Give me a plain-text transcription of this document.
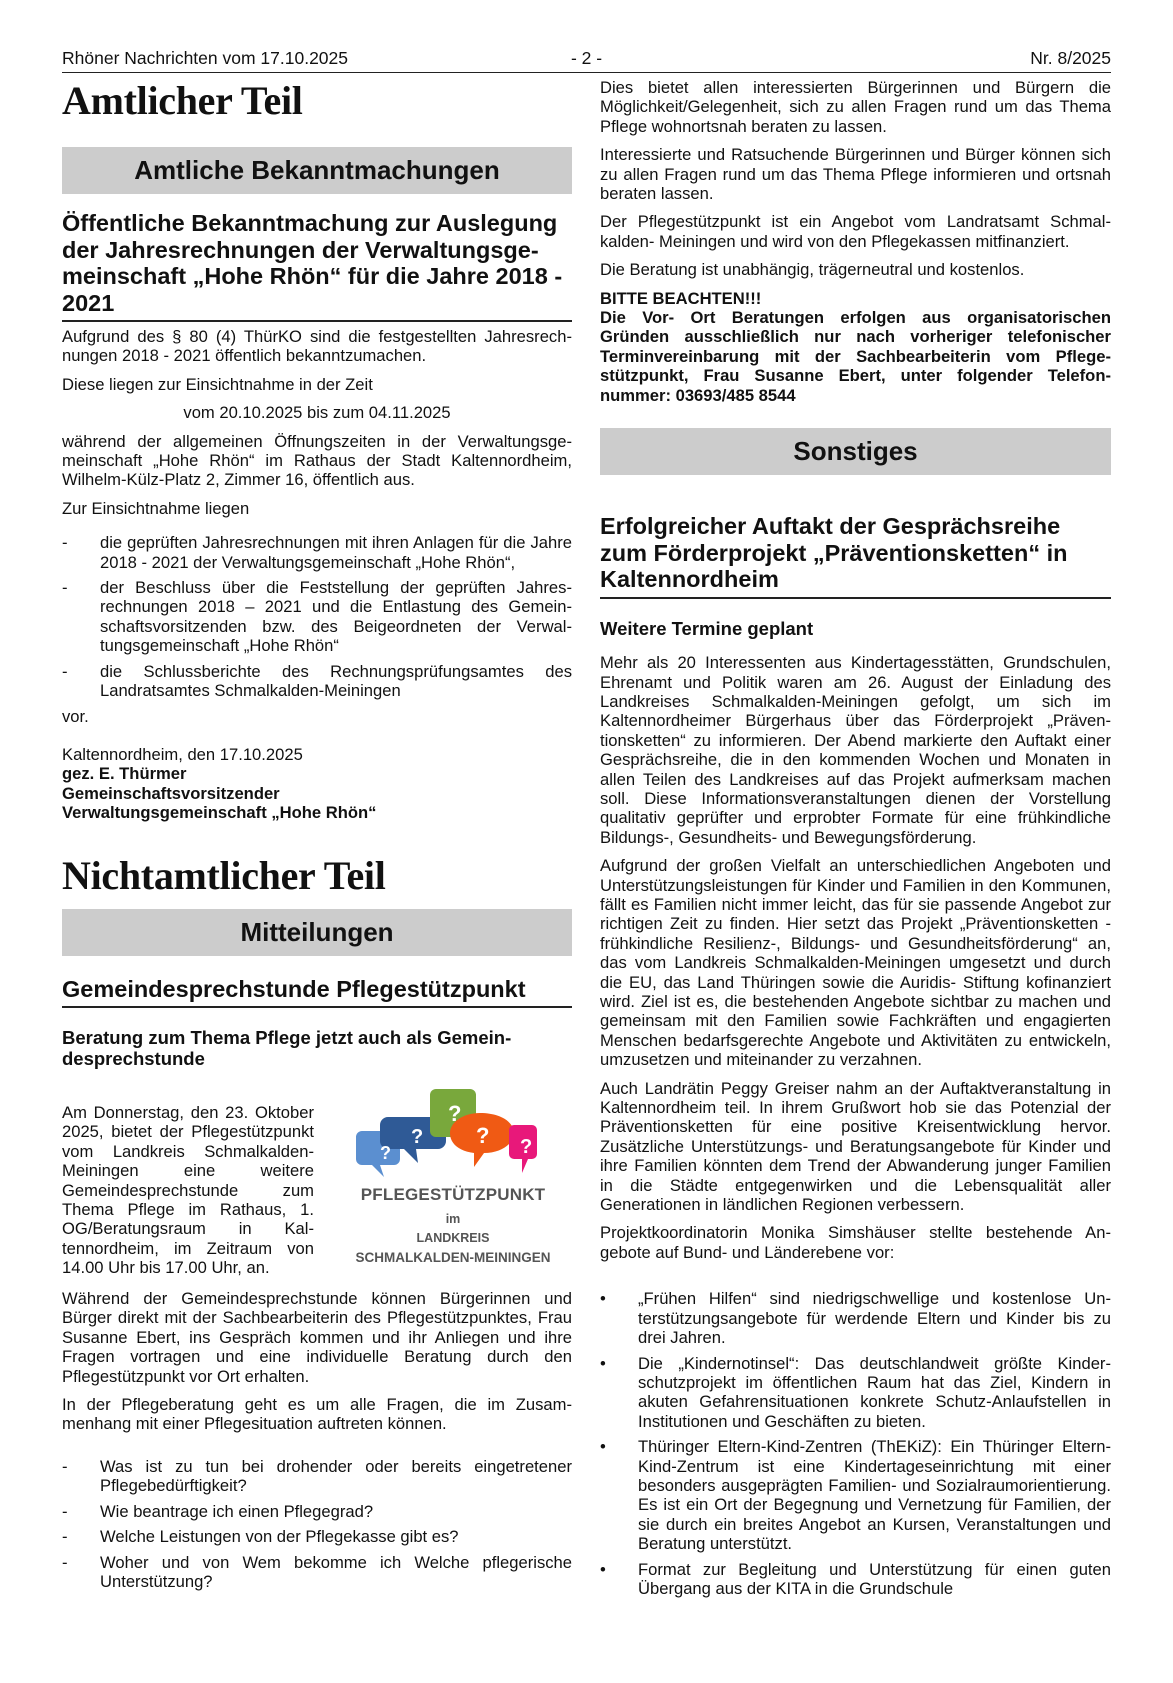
Rhöner Nachrichten vom 17.10.2025	- 2 -	Nr. 8/2025
Amtlicher Teil
Amtliche Bekanntmachungen
Öffentliche Bekanntmachung zur Auslegung der Jahresrechnungen der Verwaltungsgemeinschaft „Hohe Rhön“ für die Jahre 2018 - 2021

Aufgrund des § 80 (4) ThürKO sind die festgestellten Jahresrechnungen 2018 - 2021 öffentlich bekanntzumachen.

Diese liegen zur Einsichtnahme in der Zeit

vom 20.10.2025 bis zum 04.11.2025

während der allgemeinen Öffnungszeiten in der Verwaltungsgemeinschaft „Hohe Rhön“ im Rathaus der Stadt Kaltennordheim, Wilhelm-Külz-Platz 2, Zimmer 16, öffentlich aus.

Zur Einsichtnahme liegen

- die geprüften Jahresrechnungen mit ihren Anlagen für die Jahre 2018 - 2021 der Verwaltungsgemeinschaft „Hohe Rhön“,
- der Beschluss über die Feststellung der geprüften Jahresrechnungen 2018 – 2021 und die Entlastung des Gemeinschaftsvorsitzenden bzw. des Beigeordneten der Verwaltungsgemeinschaft „Hohe Rhön“
- die Schlussberichte des Rechnungsprüfungsamtes des Landratsamtes Schmalkalden-Meiningen

vor.

Kaltennordheim, den 17.10.2025
gez. E. Thürmer
Gemeinschaftsvorsitzender
Verwaltungsgemeinschaft „Hohe Rhön“
Nichtamtlicher Teil
Mitteilungen
Gemeindesprechstunde Pflegestützpunkt
Beratung zum Thema Pflege jetzt auch als Gemeindesprechstunde
Am Donnerstag, den 23. Oktober 2025, bietet der Pflegestützpunkt vom Landkreis Schmalkalden- Meiningen eine weitere Gemeindesprechstunde zum Thema Pflege im Rathaus, 1. OG/Beratungsraum in Kaltennordheim, im Zeitraum von 14.00 Uhr bis 17.00 Uhr, an.
?
?
?
? ?
PFLEGESTÜTZPUNKT
im
LANDKREIS
SCHMALKALDEN-MEININGEN

Während der Gemeindesprechstunde können Bürgerinnen und Bürger direkt mit der Sachbearbeiterin des Pflegestützpunktes, Frau Susanne Ebert, ins Gespräch kommen und ihr Anliegen und ihre Fragen vortragen und eine individuelle Beratung durch den Pflegestützpunkt vor Ort erhalten.

In der Pflegeberatung geht es um alle Fragen, die im Zusammenhang mit einer Pflegesituation auftreten können.

- Was ist zu tun bei drohender oder bereits eingetretener Pflegebedürftigkeit?
- Wie beantrage ich einen Pflegegrad?
- Welche Leistungen von der Pflegekasse gibt es?
- Woher und von Wem bekomme ich Welche pflegerische Unterstützung?

Dies bietet allen interessierten Bürgerinnen und Bürgern die Möglichkeit/Gelegenheit, sich zu allen Fragen rund um das Thema Pflege wohnortsnah beraten zu lassen.

Interessierte und Ratsuchende Bürgerinnen und Bürger können sich zu allen Fragen rund um das Thema Pflege informieren und ortsnah beraten lassen.

Der Pflegestützpunkt ist ein Angebot vom Landratsamt Schmalkalden- Meiningen und wird von den Pflegekassen mitfinanziert.

Die Beratung ist unabhängig, trägerneutral und kostenlos.

BITTE BEACHTEN!!!

Die Vor- Ort Beratungen erfolgen aus organisatorischen Gründen ausschließlich nur nach vorheriger telefonischer Terminvereinbarung mit der Sachbearbeiterin vom Pflegestützpunkt, Frau Susanne Ebert, unter folgender Telefonnummer: 03693/485 8544

Sonstiges
Erfolgreicher Auftakt der Gesprächsreihe zum Förderprojekt „Präventionsketten“ in Kaltennordheim
Weitere Termine geplant

Mehr als 20 Interessenten aus Kindertagesstätten, Grundschulen, Ehrenamt und Politik waren am 26. August der Einladung des Landkreises Schmalkalden-Meiningen gefolgt, um sich im Kaltennordheimer Bürgerhaus über das Förderprojekt „Präventionsketten“ zu informieren. Der Abend markierte den Auftakt einer Gesprächsreihe, die in den kommenden Wochen und Monaten in allen Teilen des Landkreises auf das Projekt aufmerksam machen soll. Diese Informationsveranstaltungen dienen der Vorstellung qualitativ geprüfter und erprobter Formate für eine frühkindliche Bildungs-, Gesundheits- und Bewegungsförderung.

Aufgrund der großen Vielfalt an unterschiedlichen Angeboten und Unterstützungsleistungen für Kinder und Familien in den Kommunen, fällt es Familien nicht immer leicht, das für sie passende Angebot zur richtigen Zeit zu finden. Hier setzt das Projekt „Präventionsketten - frühkindliche Resilienz-, Bildungs- und Gesundheitsförderung“ an, das vom Landkreis Schmalkalden-Meiningen umgesetzt und durch die EU, das Land Thüringen sowie die Auridis- Stiftung kofinanziert wird. Ziel ist es, die bestehenden Angebote sichtbar zu machen und gemeinsam mit den Familien sowie Fachkräften und engagierten Menschen bedarfsgerechte Angebote und Aktivitäten zu entwickeln, umzusetzen und miteinander zu verzahnen.

Auch Landrätin Peggy Greiser nahm an der Auftaktveranstaltung in Kaltennordheim teil. In ihrem Grußwort hob sie das Potenzial der Präventionsketten für eine positive Kreisentwicklung hervor. Zusätzliche Unterstützungs- und Beratungsangebote für Kinder und ihre Familien könnten dem Trend der Abwanderung junger Familien in die Städte entgegenwirken und die Lebensqualität aller Generationen in ländlichen Regionen verbessern.

Projektkoordinatorin Monika Simshäuser stellte bestehende Angebote auf Bund- und Länderebene vor:

• „Frühen Hilfen“ sind niedrigschwellige und kostenlose Unterstützungsangebote für werdende Eltern und Kinder bis zu drei Jahren.
• Die „Kindernotinsel“: Das deutschlandweit größte Kinderschutzprojekt im öffentlichen Raum hat das Ziel, Kindern in akuten Gefahrensituationen konkrete Schutz-Anlaufstellen in Institutionen und Geschäften zu bieten.
• Thüringer Eltern-Kind-Zentren (ThEKiZ): Ein Thüringer Eltern-Kind-Zentrum ist eine Kindertageseinrichtung mit einer besonders ausgeprägten Familien- und Sozialraumorientierung. Es ist ein Ort der Begegnung und Vernetzung für Familien, der sie durch ein breites Angebot an Kursen, Veranstaltungen und Beratung unterstützt.
• Format zur Begleitung und Unterstützung für einen guten Übergang aus der KITA in die Grundschule
